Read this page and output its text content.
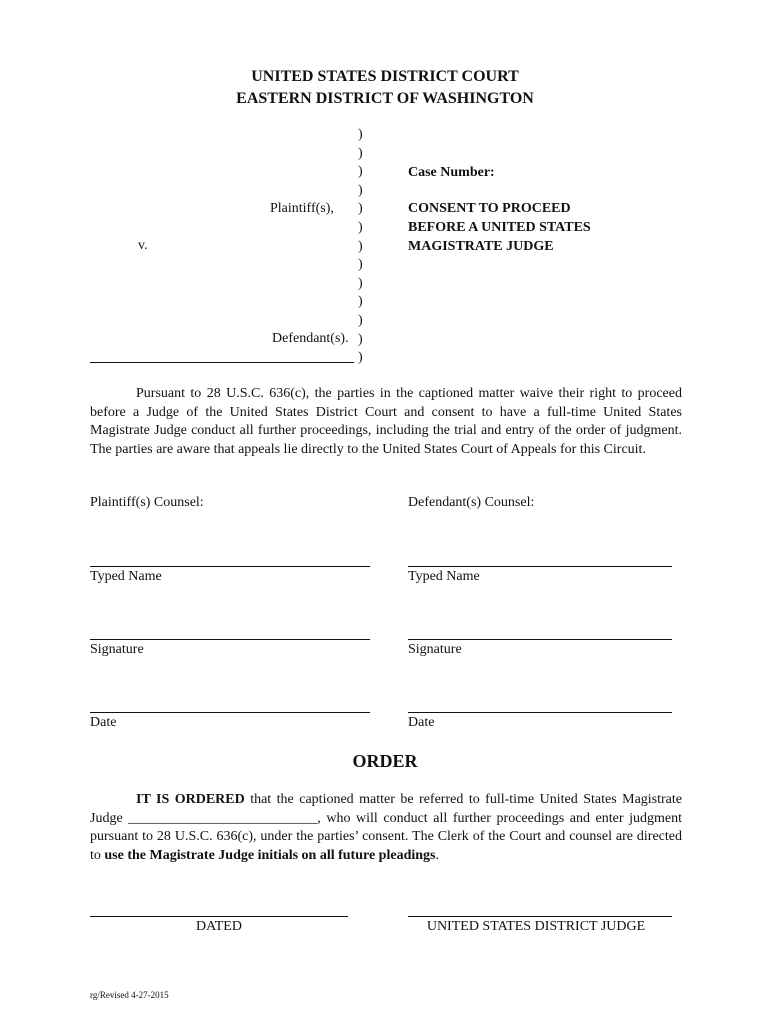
UNITED STATES DISTRICT COURT
EASTERN DISTRICT OF WASHINGTON
)
)
)
)
)
)
)
)
)
)
)
)
)
Plaintiff(s),
v.
Defendant(s).
Case Number:
CONSENT TO PROCEED
BEFORE A UNITED STATES
MAGISTRATE JUDGE
Pursuant to 28 U.S.C. 636(c), the parties in the captioned matter waive their right to proceed before a Judge of the United States District Court and consent to have a full-time United States Magistrate Judge conduct all further proceedings, including the trial and entry of the order of judgment. The parties are aware that appeals lie directly to the United States Court of Appeals for this Circuit.
Plaintiff(s) Counsel:	Defendant(s) Counsel:
Typed Name	Typed Name
Signature	Signature
Date	Date
ORDER
IT IS ORDERED that the captioned matter be referred to full-time United States Magistrate Judge ___________________________, who will conduct all further proceedings and enter judgment pursuant to 28 U.S.C. 636(c), under the parties’ consent. The Clerk of the Court and counsel are directed to use the Magistrate Judge initials on all future pleadings.
DATED	UNITED STATES DISTRICT JUDGE
rg/Revised 4-27-2015
